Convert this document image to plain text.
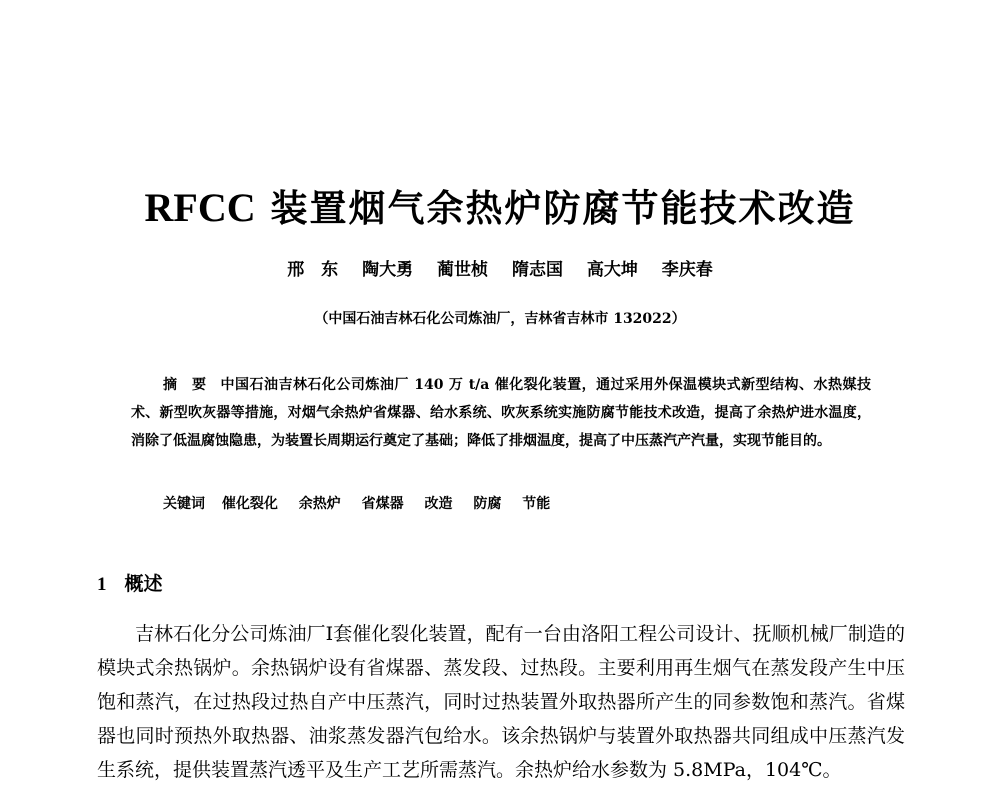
RFCC 装置烟气余热炉防腐节能技术改造
邢　东 陶大勇 蔺世桢 隋志国 高大坤 李庆春
（中国石油吉林石化公司炼油厂，吉林省吉林市 132022）
摘　要 中国石油吉林石化公司炼油厂 140 万 t/a 催化裂化装置，通过采用外保温模块式新型结构、水热媒技术、新型吹灰器等措施，对烟气余热炉省煤器、给水系统、吹灰系统实施防腐节能技术改造，提高了余热炉进水温度，消除了低温腐蚀隐患，为装置长周期运行奠定了基础；降低了排烟温度，提高了中压蒸汽产汽量，实现节能目的。
关键词 催化裂化 余热炉 省煤器 改造 防腐 节能
1 概述

吉林石化分公司炼油厂Ⅰ套催化裂化装置，配有一台由洛阳工程公司设计、抚顺机械厂制造的模块式余热锅炉。余热锅炉设有省煤器、蒸发段、过热段。主要利用再生烟气在蒸发段产生中压饱和蒸汽，在过热段过热自产中压蒸汽，同时过热装置外取热器所产生的同参数饱和蒸汽。省煤器也同时预热外取热器、油浆蒸发器汽包给水。该余热锅炉与装置外取热器共同组成中压蒸汽发生系统，提供装置蒸汽透平及生产工艺所需蒸汽。余热炉给水参数为 5.8MPa，104℃。
